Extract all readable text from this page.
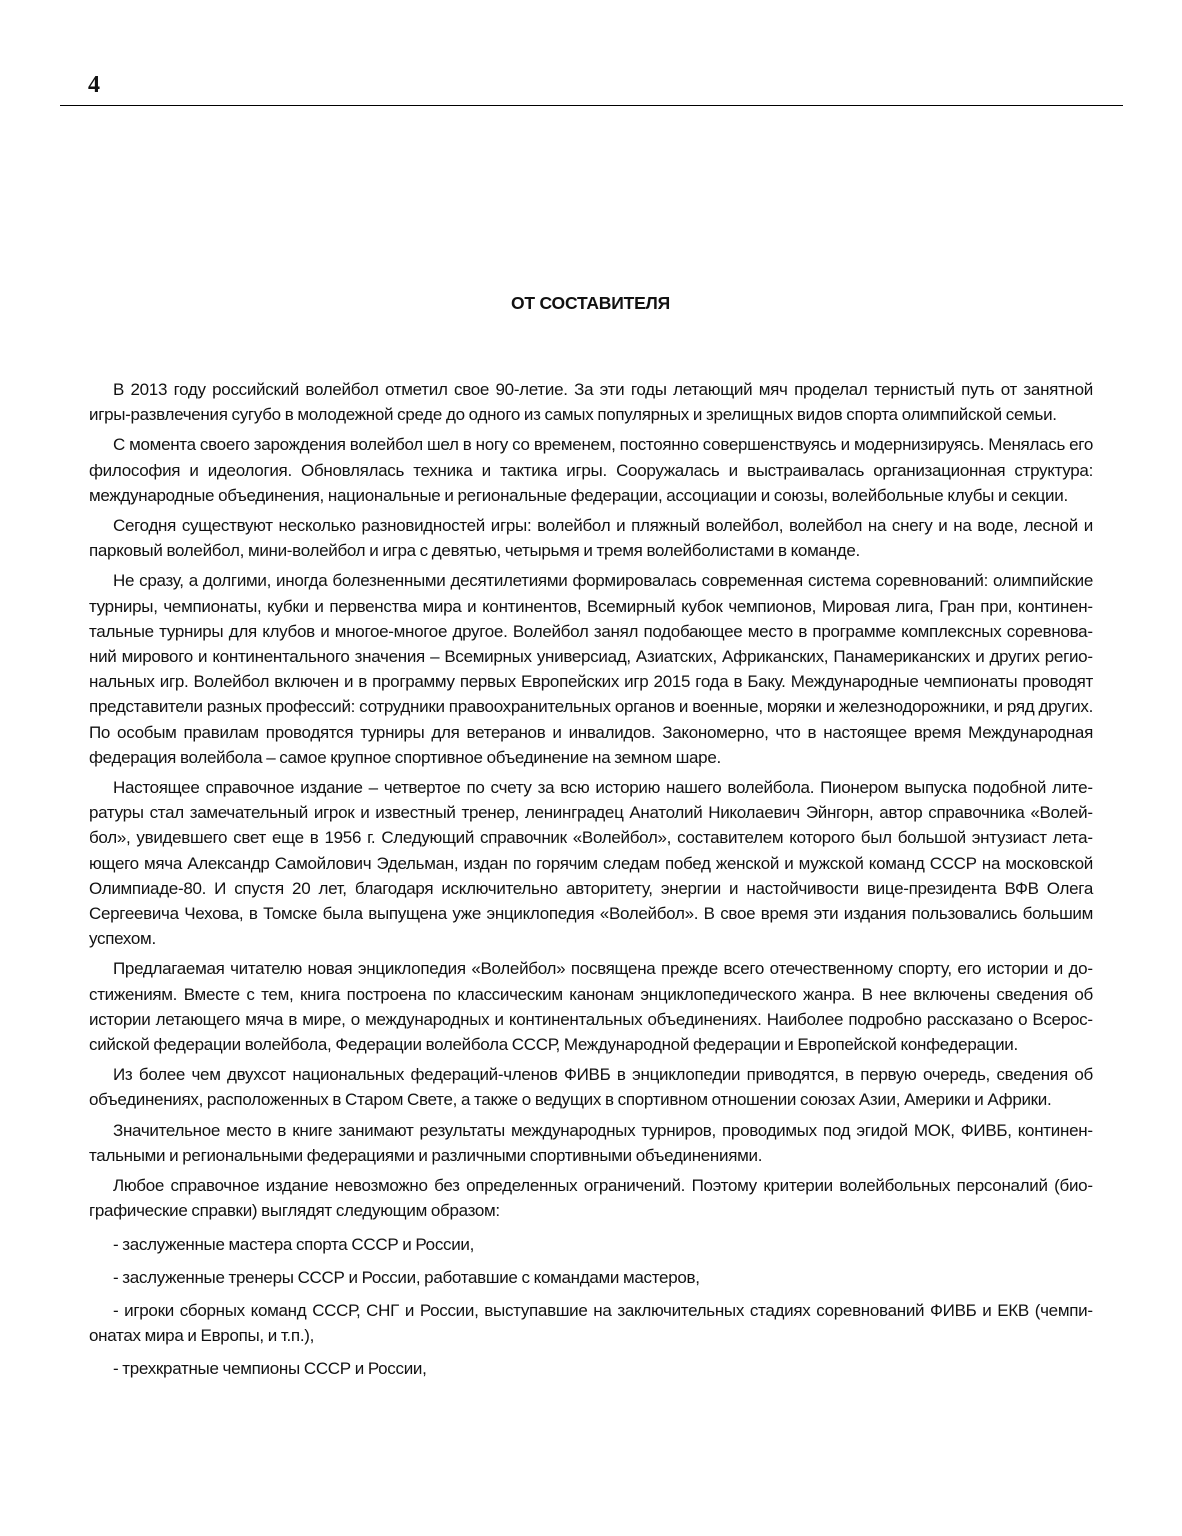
4
ОТ СОСТАВИТЕЛЯ

В 2013 году российский волейбол отметил свое 90-летие. За эти годы летающий мяч проделал тернистый путь от занятной игры-развлечения сугубо в молодежной среде до одного из самых популярных и зрелищных видов спорта олимпийской семьи.

С момента своего зарождения волейбол шел в ногу со временем, постоянно совершенствуясь и модернизируясь. Менялась его философия и идеология. Обновлялась техника и тактика игры. Сооружалась и выстраивалась организационная структура: международные объединения, национальные и региональные федерации, ассоциации и союзы, волейбольные клубы и секции.

Сегодня существуют несколько разновидностей игры: волейбол и пляжный волейбол, волейбол на снегу и на воде, лесной и парковый волейбол, мини-волейбол и игра с девятью, четырьмя и тремя волейболистами в команде.

Не сразу, а долгими, иногда болезненными десятилетиями формировалась современная система соревнований: олимпийские турниры, чемпионаты, кубки и первенства мира и континентов, Всемирный кубок чемпионов, Мировая лига, Гран при, континентальные турниры для клубов и многое-многое другое. Волейбол занял подобающее место в программе комплексных соревнований мирового и континентального значения – Всемирных универсиад, Азиатских, Африканских, Панамериканских и других региональных игр. Волейбол включен и в программу первых Европейских игр 2015 года в Баку. Международные чемпионаты проводят представители разных профессий: сотрудники правоохранительных органов и военные, моряки и железнодорожники, и ряд других. По особым правилам проводятся турниры для ветеранов и инвалидов. Закономерно, что в настоящее время Международная федерация волейбола – самое крупное спортивное объединение на земном шаре.

Настоящее справочное издание – четвертое по счету за всю историю нашего волейбола. Пионером выпуска подобной литературы стал замечательный игрок и известный тренер, ленинградец Анатолий Николаевич Эйнгорн, автор справочника «Волейбол», увидевшего свет еще в 1956 г. Следующий справочник «Волейбол», составителем которого был большой энтузиаст летающего мяча Александр Самойлович Эдельман, издан по горячим следам побед женской и мужской команд СССР на московской Олимпиаде-80. И спустя 20 лет, благодаря исключительно авторитету, энергии и настойчивости вице-президента ВФВ Олега Сергеевича Чехова, в Томске была выпущена уже энциклопедия «Волейбол». В свое время эти издания пользовались большим успехом.

Предлагаемая читателю новая энциклопедия «Волейбол» посвящена прежде всего отечественному спорту, его истории и достижениям. Вместе с тем, книга построена по классическим канонам энциклопедического жанра. В нее включены сведения об истории летающего мяча в мире, о международных и континентальных объединениях. Наиболее подробно рассказано о Всероссийской федерации волейбола, Федерации волейбола СССР, Международной федерации и Европейской конфедерации.

Из более чем двухсот национальных федераций-членов ФИВБ в энциклопедии приводятся, в первую очередь, сведения об объединениях, расположенных в Старом Свете, а также о ведущих в спортивном отношении союзах Азии, Америки и Африки.

Значительное место в книге занимают результаты международных турниров, проводимых под эгидой МОК, ФИВБ, континентальными и региональными федерациями и различными спортивными объединениями.

Любое справочное издание невозможно без определенных ограничений. Поэтому критерии волейбольных персоналий (биографические справки) выглядят следующим образом:

- заслуженные мастера спорта СССР и России,

- заслуженные тренеры СССР и России, работавшие с командами мастеров,

- игроки сборных команд СССР, СНГ и России, выступавшие на заключительных стадиях соревнований ФИВБ и ЕКВ (чемпионатах мира и Европы, и т.п.),

- трехкратные чемпионы СССР и России,
